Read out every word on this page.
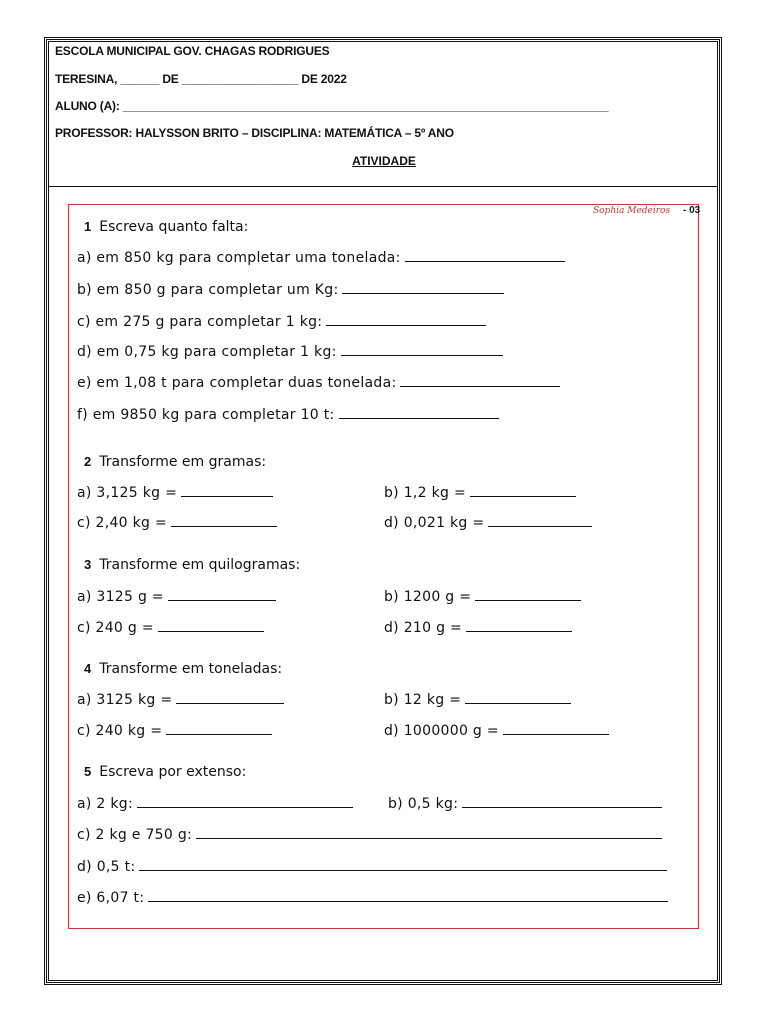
ESCOLA MUNICIPAL GOV. CHAGAS RODRIGUES
TERESINA, ______ DE __________________ DE 2022
ALUNO (A): ___________________________________________________________________________
PROFESSOR: HALYSSON BRITO – DISCIPLINA: MATEMÁTICA – 5º ANO
ATIVIDADE
Sophia Medeiros - 03
1 Escreva quanto falta:
a) em 850 kg para completar uma tonelada:
b) em 850 g para completar um Kg:
c) em 275 g para completar 1 kg:
d) em 0,75 kg para completar 1 kg:
e) em 1,08 t para completar duas tonelada:
f) em 9850 kg para completar 10 t:
2 Transforme em gramas:
a) 3,125 kg =	b) 1,2 kg =
c) 2,40 kg =	d) 0,021 kg =
3 Transforme em quilogramas:
a) 3125 g =	b) 1200 g =
c) 240 g =	d) 210 g =
4 Transforme em toneladas:
a) 3125 kg =	b) 12 kg =
c) 240 kg =	d) 1000000 g =
5 Escreva por extenso:
a) 2 kg:	b) 0,5 kg:
c) 2 kg e 750 g:
d) 0,5 t:
e) 6,07 t:
